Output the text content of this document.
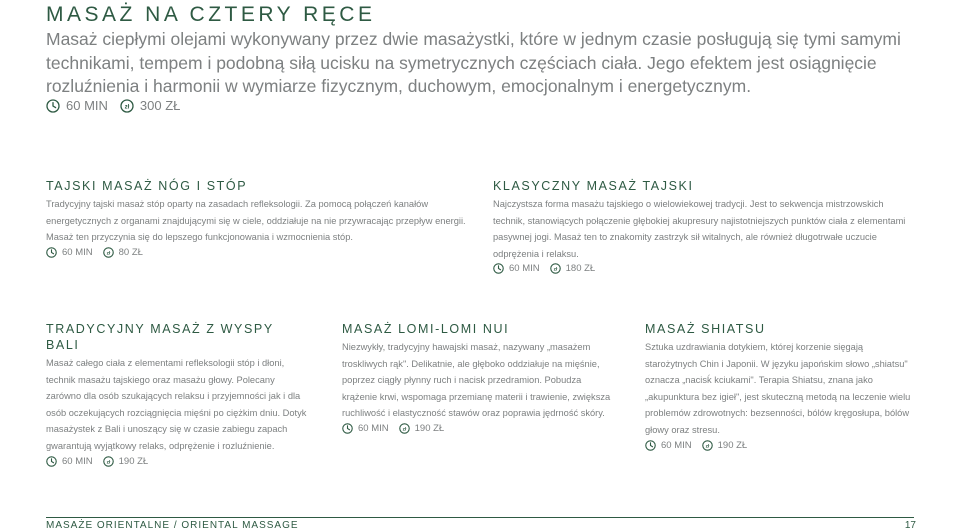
MASAŻ NA CZTERY RĘCE

Masaż ciepłymi olejami wykonywany przez dwie masażystki, które w jednym czasie posługują się tymi samymi technikami, tempem i podobną siłą ucisku na symetrycznych częściach ciała. Jego efektem jest osiągnięcie rozluźnienia i harmonii w wymiarze fizycznym, duchowym, emocjonalnym i energetycznym.

60 MIN	zł 300 ZŁ
TAJSKI MASAŻ NÓG I STÓP

Tradycyjny tajski masaż stóp oparty na zasadach refleksologii. Za pomocą połączeń kanałów energetycznych z organami znajdującymi się w ciele, oddziałuje na nie przywracając przepływ energii. Masaż ten przyczynia się do lepszego funkcjonowania i wzmocnienia stóp.

60 MIN zł 80 ZŁ
KLASYCZNY MASAŻ TAJSKI

Najczystsza forma masażu tajskiego o wielowiekowej tradycji. Jest to sekwencja mistrzowskich technik, stanowiących połączenie głębokiej akupresury najistotniejszych punktów ciała z elementami pasywnej jogi. Masaż ten to znakomity zastrzyk sił witalnych, ale również długotrwałe uczucie odprężenia i relaksu.

60 MIN zł 180 ZŁ
TRADYCYJNY MASAŻ Z WYSPY BALI

Masaż całego ciała z elementami refleksologii stóp i dłoni, technik masażu tajskiego oraz masażu głowy. Polecany zarówno dla osób szukających relaksu i przyjemności jak i dla osób oczekujących rozciągnięcia mięśni po ciężkim dniu. Dotyk masażystek z Bali i unoszący się w czasie zabiegu zapach gwarantują wyjątkowy relaks, odprężenie i rozluźnienie.

60 MIN zł 190 ZŁ
MASAŻ LOMI-LOMI NUI

Niezwykły, tradycyjny hawajski masaż, nazywany „masażem troskliwych rąk". Delikatnie, ale głęboko oddziałuje na mięśnie, poprzez ciągły płynny ruch i nacisk przedramion. Pobudza krążenie krwi, wspomaga przemianę materii i trawienie, zwiększa ruchliwość i elastyczność stawów oraz poprawia jędrność skóry.

60 MIN zł 190 ZŁ
MASAŻ SHIATSU

Sztuka uzdrawiania dotykiem, której korzenie sięgają starożytnych Chin i Japonii. W języku japońskim słowo „shiatsu" oznacza „nacisḱ kciukami". Terapia Shiatsu, znana jako „akupunktura bez igieł", jest skuteczną metodą na leczenie wielu problemów zdrowotnych: bezsenności, bólów kręgosłupa, bólów głowy oraz stresu.

60 MIN zł 190 ZŁ

MASAŻE ORIENTALNE / ORIENTAL MASSAGE	17
